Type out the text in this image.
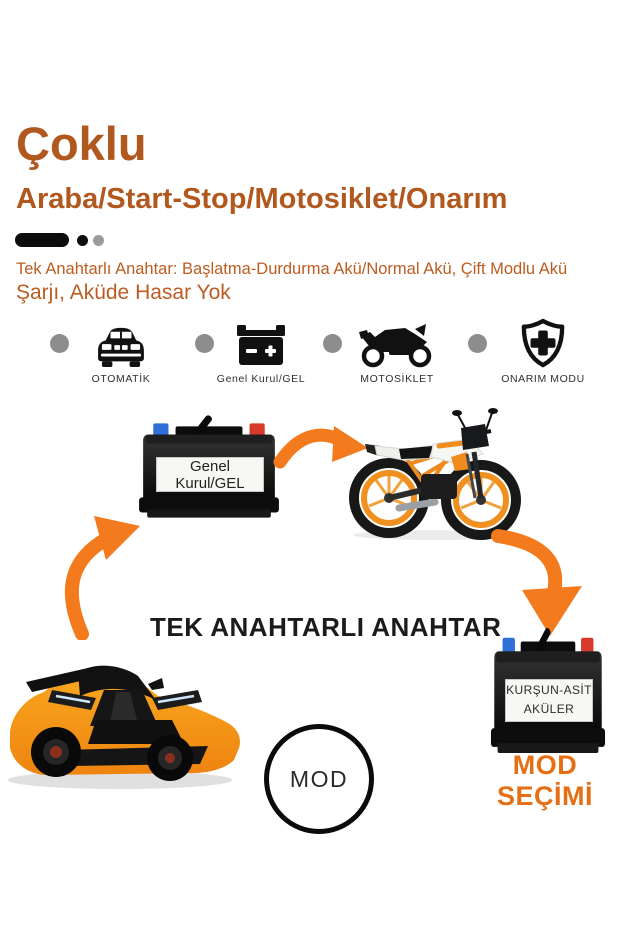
Çoklu
Araba/Start-Stop/Motosiklet/Onarım
Tek Anahtarlı Anahtar: Başlatma-Durdurma Akü/Normal Akü, Çift Modlu Akü
Şarjı, Aküde Hasar Yok
OTOMATİK	Genel Kurul/GEL	MOTOSİKLET	ONARIM MODU
Genel Kurul/GEL
TEK ANAHTARLI ANAHTAR
KURŞUN-ASİT
AKÜLER
MOD SEÇİMİ
MOD
